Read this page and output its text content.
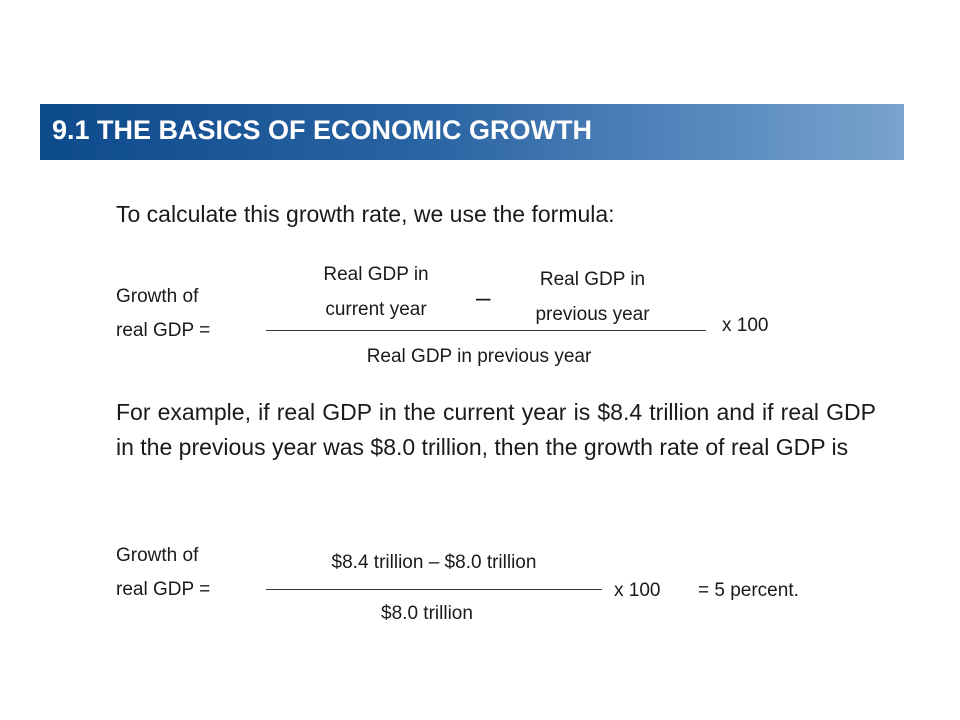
9.1 THE BASICS OF ECONOMIC GROWTH
To calculate this growth rate, we use the formula:
Growth of
real GDP =
Real GDP in
current year	–
Real GDP in
previous year
Real GDP in previous year
x 100
For example, if real GDP in the current year is $8.4 trillion and if real GDP in the previous year was $8.0 trillion, then the growth rate of real GDP is
Growth of
real GDP =
$8.4 trillion – $8.0 trillion
$8.0 trillion
x 100 = 5 percent.
